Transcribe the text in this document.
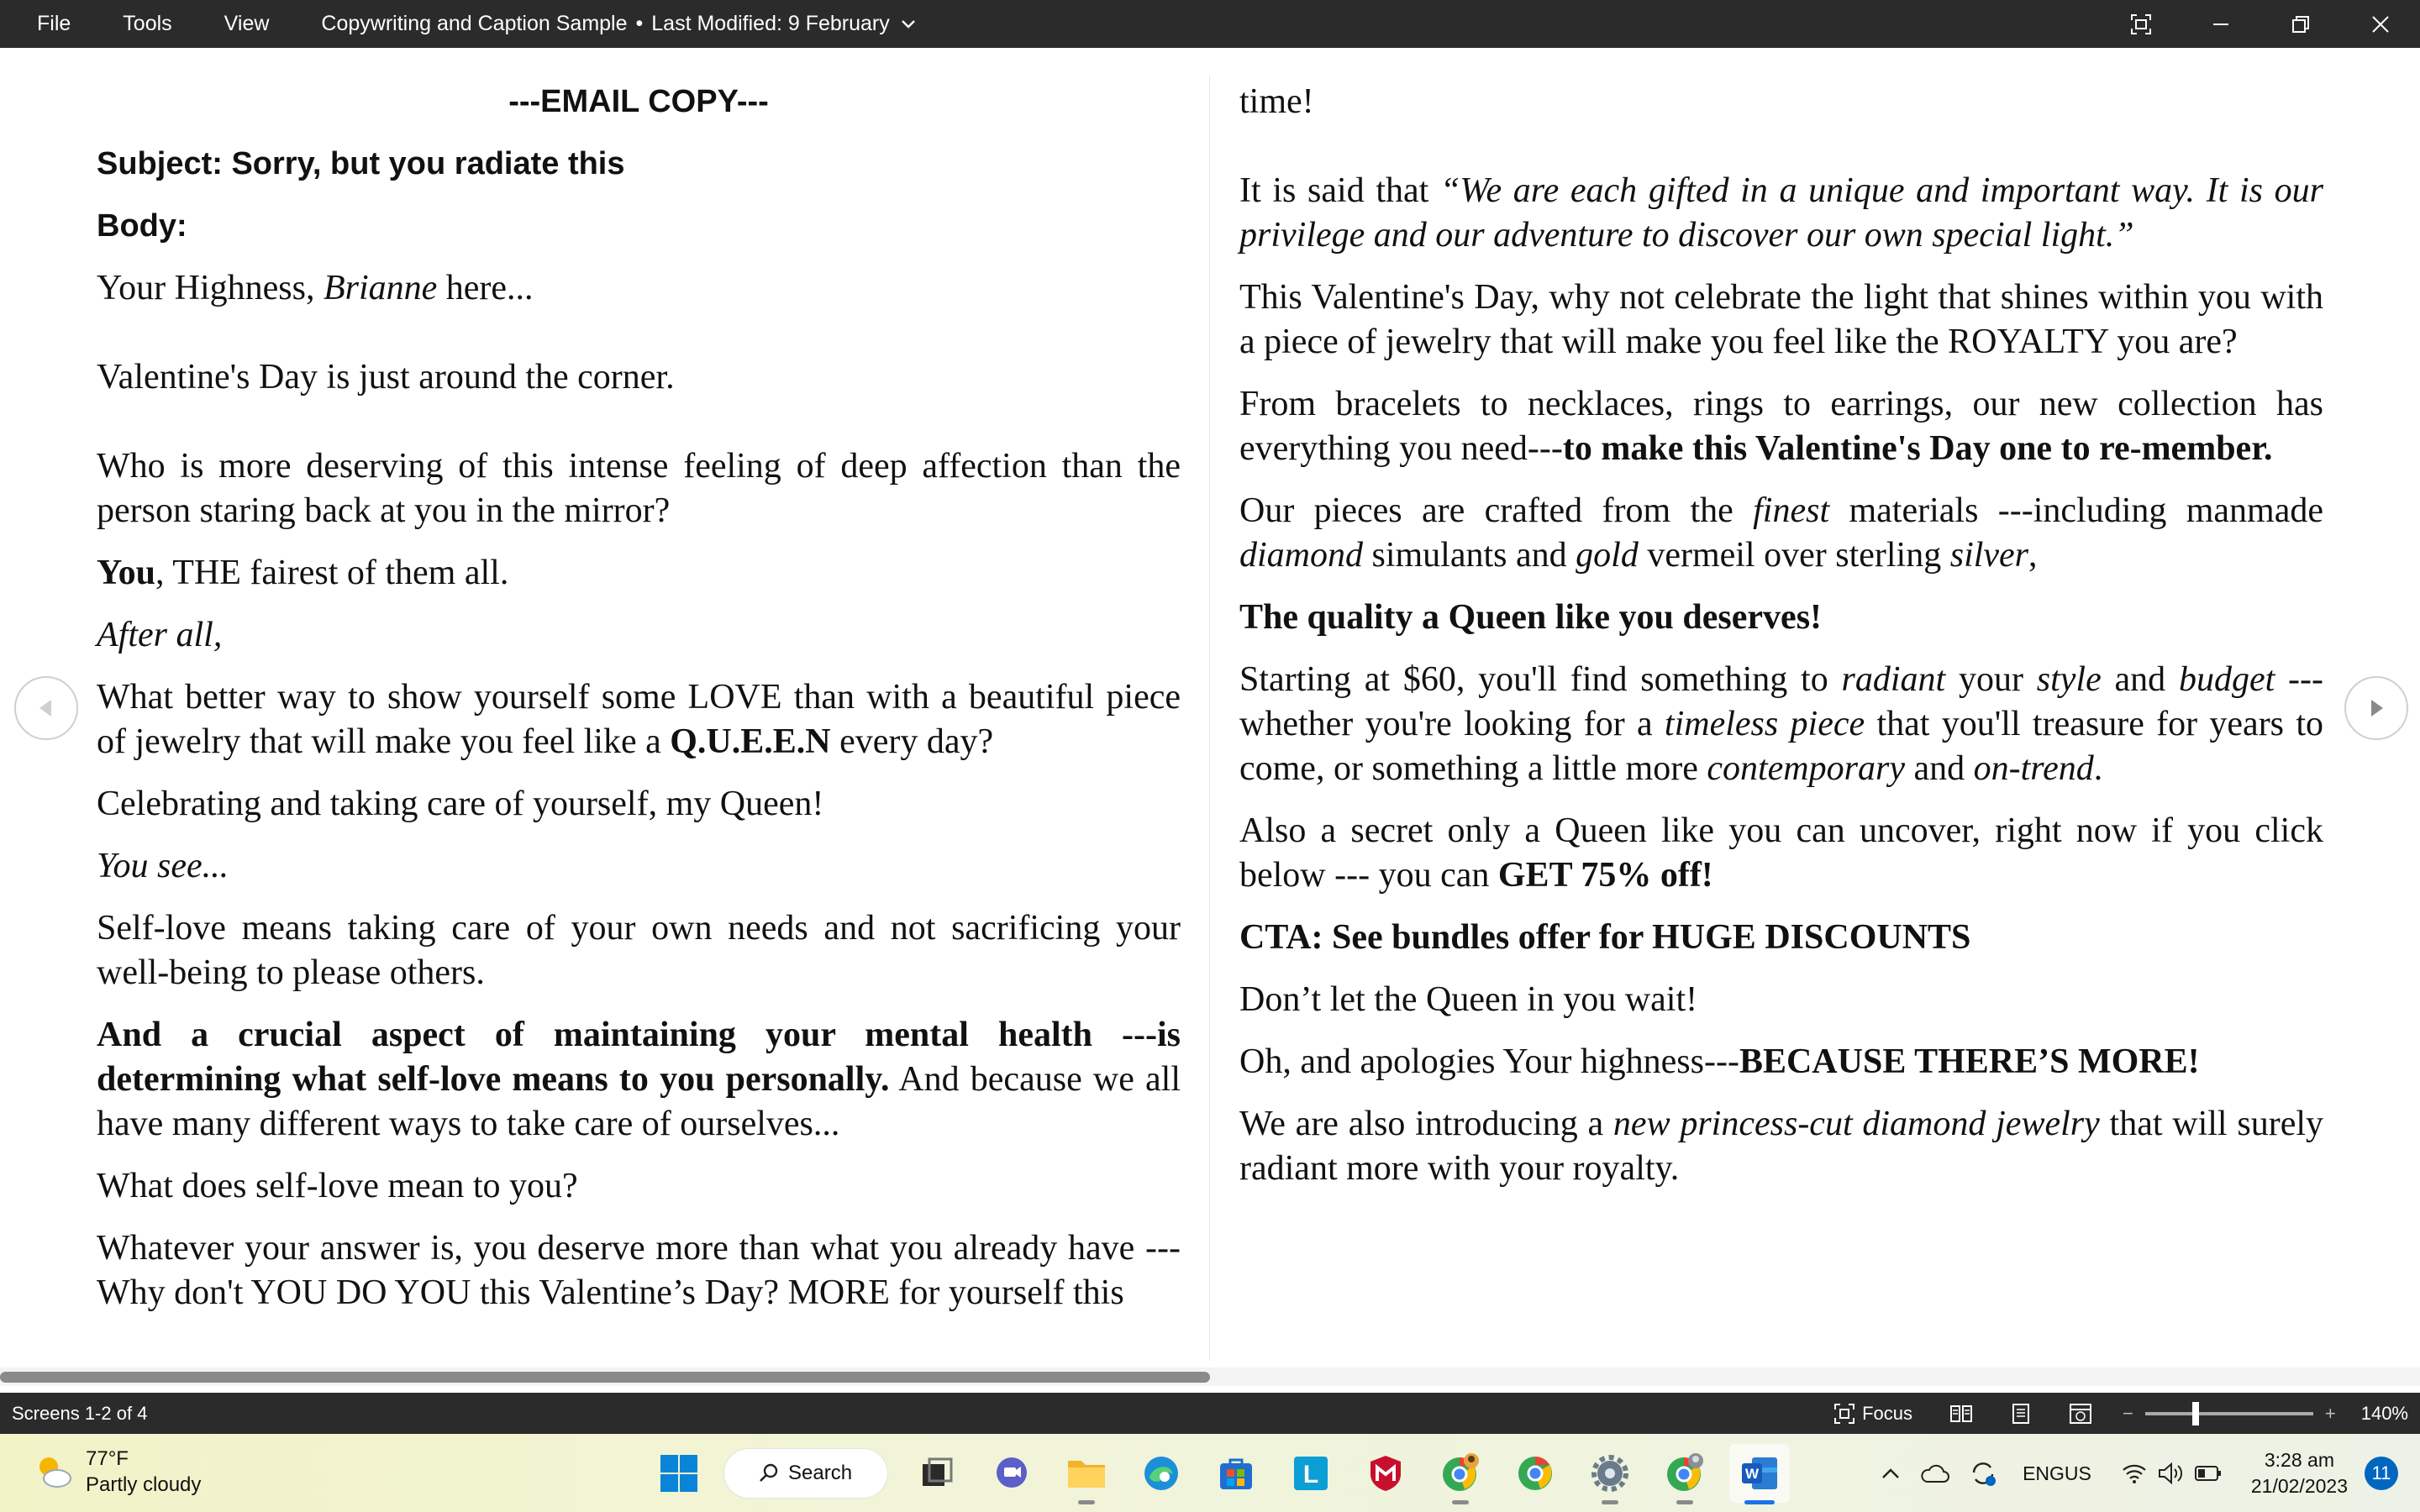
File Tools View Copywriting and Caption Sample • Last Modified: 9 February

---EMAIL COPY---

Subject: Sorry, but you radiate this

Body:

Your Highness, Brianne here...

Valentine's Day is just around the corner.

Who is more deserving of this intense feeling of deep affection than the person staring back at you in the mirror?

You, THE fairest of them all.

After all,

What better way to show yourself some LOVE than with a beautiful piece of jewelry that will make you feel like a Q.U.E.E.N every day?

Celebrating and taking care of yourself, my Queen!

You see...

Self-love means taking care of your own needs and not sacrificing your well-being to please others.

And a crucial aspect of maintaining your mental health ---is determining what self-love means to you personally. And because we all have many different ways to take care of ourselves...

What does self-love mean to you?

Whatever your answer is, you deserve more than what you already have ---Why don't YOU DO YOU this Valentine’s Day? MORE for yourself this

time!

It is said that “We are each gifted in a unique and important way. It is our privilege and our adventure to discover our own special light.”

This Valentine's Day, why not celebrate the light that shines within you with a piece of jewelry that will make you feel like the ROYALTY you are?

From bracelets to necklaces, rings to earrings, our new collection has everything you need---to make this Valentine's Day one to re-member.

Our pieces are crafted from the finest materials ---including manmade diamond simulants and gold vermeil over sterling silver,

The quality a Queen like you deserves!

Starting at $60, you'll find something to radiant your style and budget ---whether you're looking for a timeless piece that you'll treasure for years to come, or something a little more contemporary and on-trend.

Also a secret only a Queen like you can uncover, right now if you click below --- you can GET 75% off!

CTA: See bundles offer for HUGE DISCOUNTS

Don’t let the Queen in you wait!

Oh, and apologies Your highness---BECAUSE THERE’S MORE!

We are also introducing a new princess-cut diamond jewelry that will surely radiant more with your royalty.

Screens 1-2 of 4	Focus	−	+ 140%
77°F
Partly cloudy
Search	L	W	ENG US
3:28 am
21/02/2023
11
